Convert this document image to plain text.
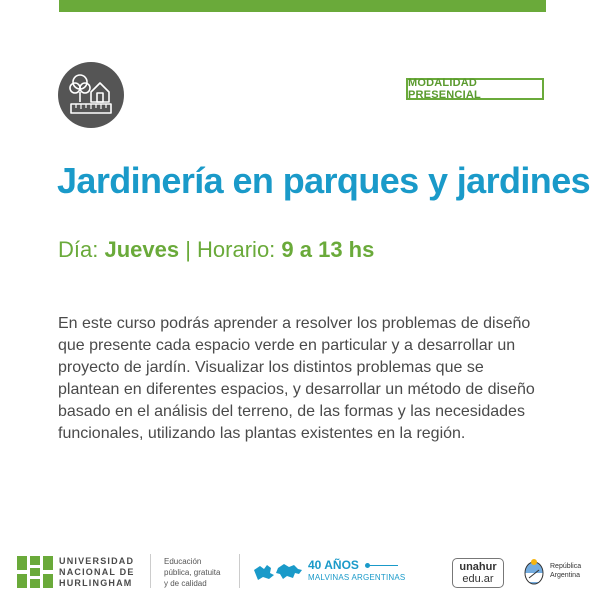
MODALIDAD PRESENCIAL
Jardinería en parques y jardines
Día: Jueves | Horario: 9 a 13 hs

En este curso podrás aprender a resolver los problemas de diseño que presente cada espacio verde en particular y a desarrollar un proyecto de jardín. Visualizar los distintos problemas que se plantean en diferentes espacios, y desarrollar un método de diseño basado en el análisis del terreno, de las formas y las necesidades funcionales, utilizando las plantas existentes en la región.

UNIVERSIDAD
NACIONAL DE
HURLINGHAM
Educación
pública, gratuita
y de calidad
40 AÑOS
MALVINAS ARGENTINAS
unahur
edu.ar
República
Argentina
